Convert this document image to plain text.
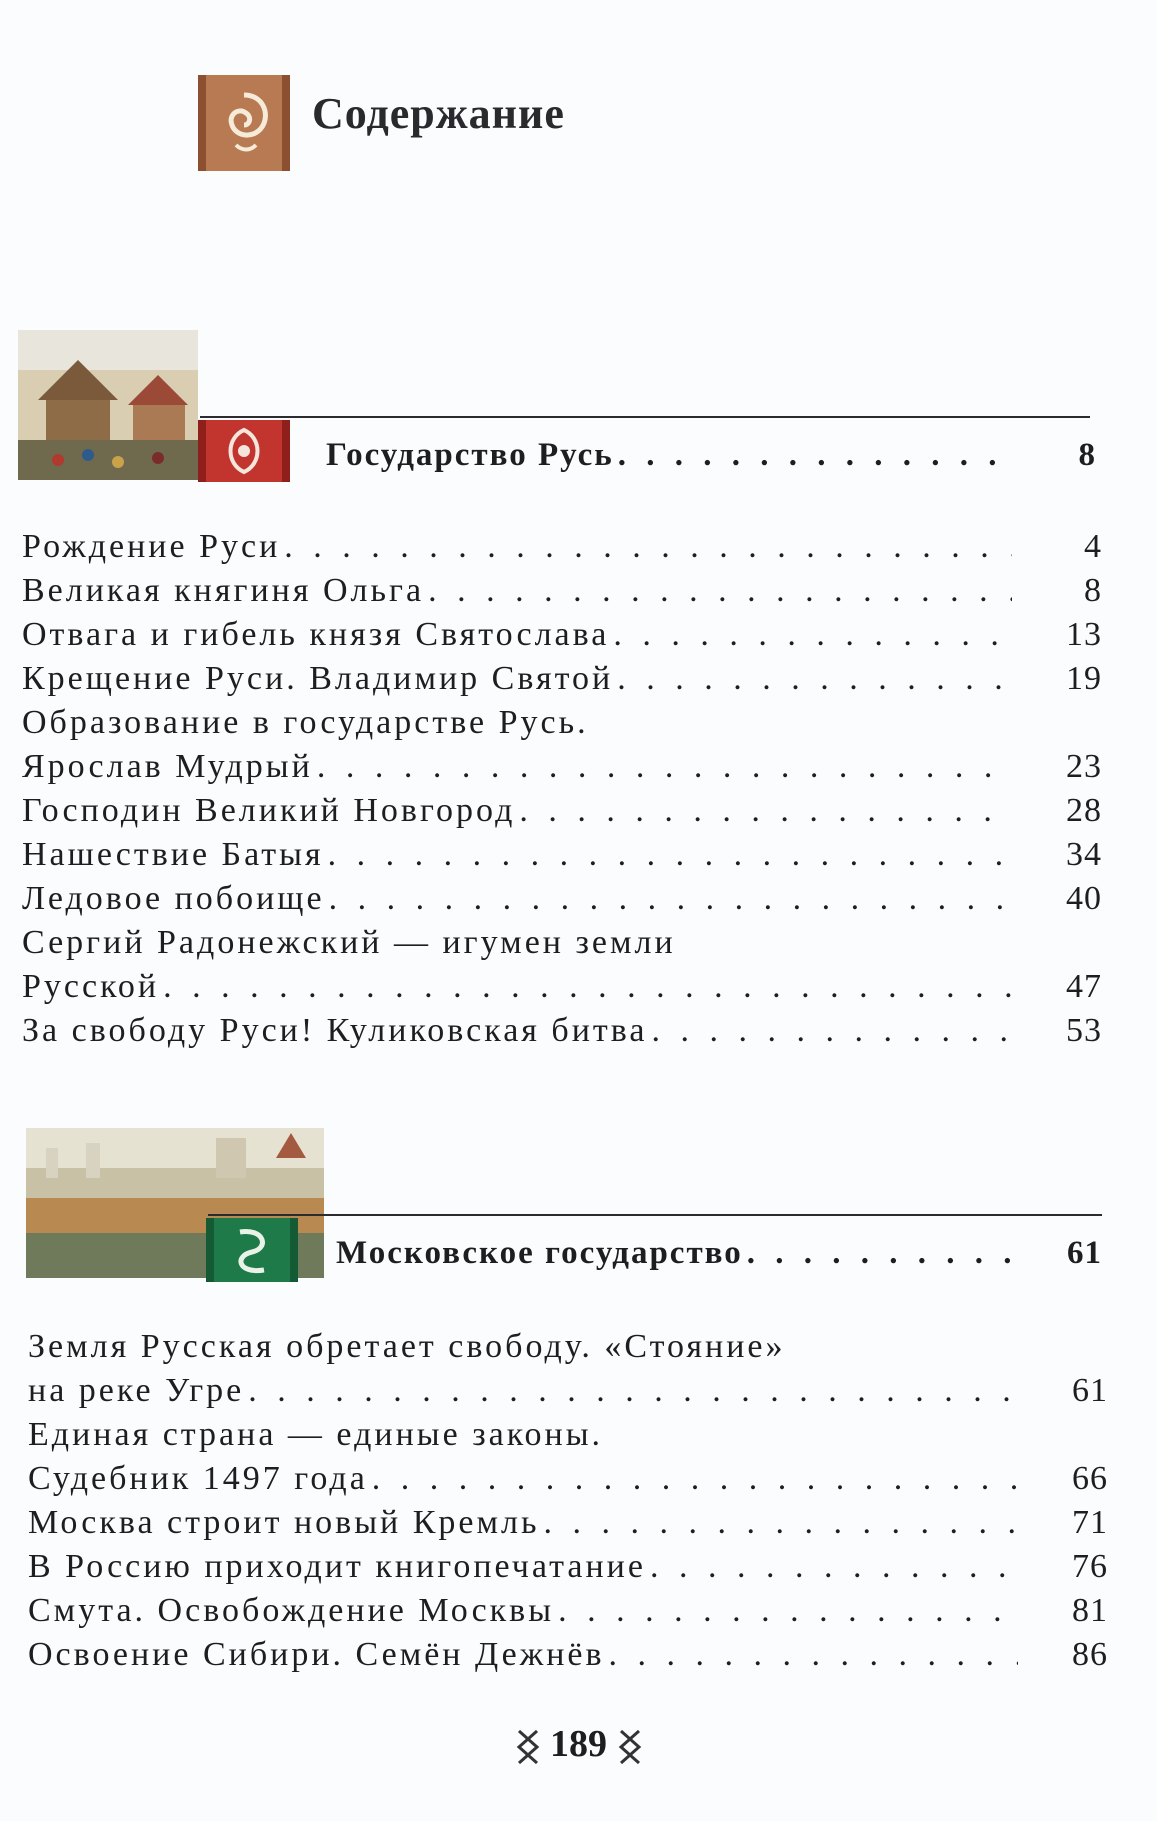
Содержание
Государство Русь . . .	8
Рождение Руси . . .	4
Великая княгиня Ольга . . .	8
Отвага и гибель князя Святослава . . .	13
Крещение Руси. Владимир Святой . . .	19
Образование в государстве Русь.
Ярослав Мудрый . . .	23
Господин Великий Новгород . . .	28
Нашествие Батыя . . .	34
Ледовое побоище . . .	40
Сергий Радонежский — игумен земли
Русской . . .	47
За свободу Руси! Куликовская битва . . .	53
Московское государство . . .	61
Земля Русская обретает свободу. «Стояние»
на реке Угре . . .	61
Единая страна — единые законы.
Судебник 1497 года . . .	66
Москва строит новый Кремль . . .	71
В Россию приходит книгопечатание . . .	76
Смута. Освобождение Москвы . . .	81
Освоение Сибири. Семён Дежнёв . . .	86
189
